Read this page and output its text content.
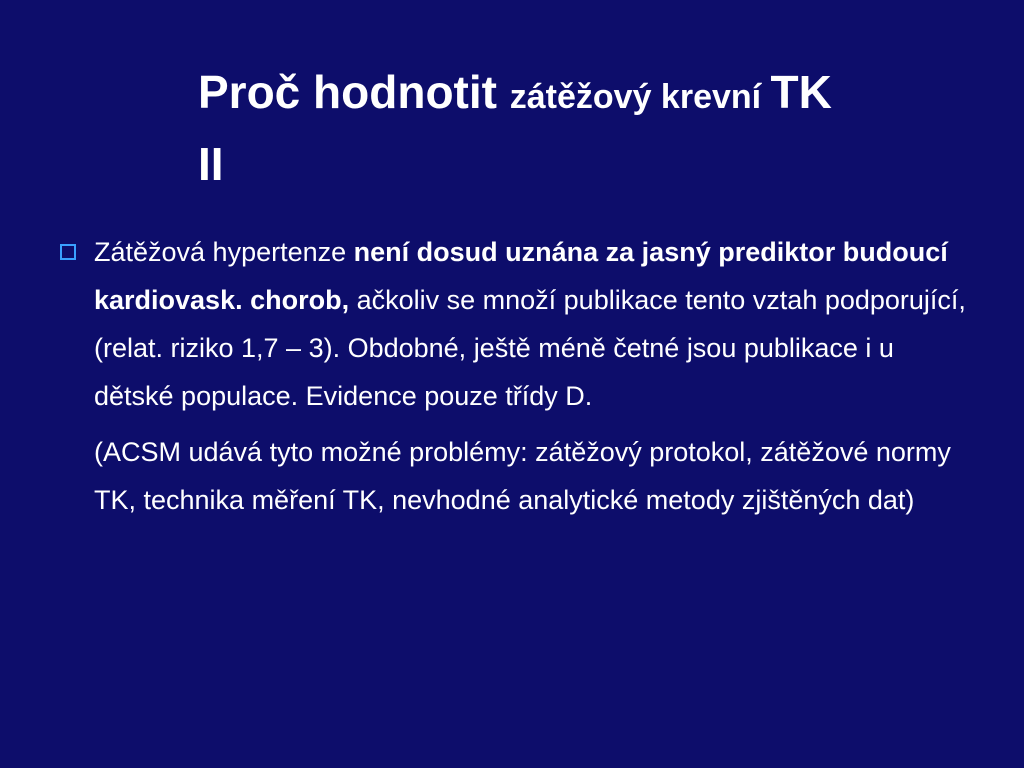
Proč hodnotit zátěžový krevní TK
II
Zátěžová hypertenze není dosud uznána za jasný prediktor budoucí kardiovask. chorob, ačkoliv se množí publikace tento vztah podporující, (relat. riziko 1,7 – 3). Obdobné, ještě méně četné jsou publikace i u dětské populace. Evidence pouze třídy D.
(ACSM udává tyto možné problémy: zátěžový protokol, zátěžové normy TK, technika měření TK, nevhodné analytické metody zjištěných dat)
